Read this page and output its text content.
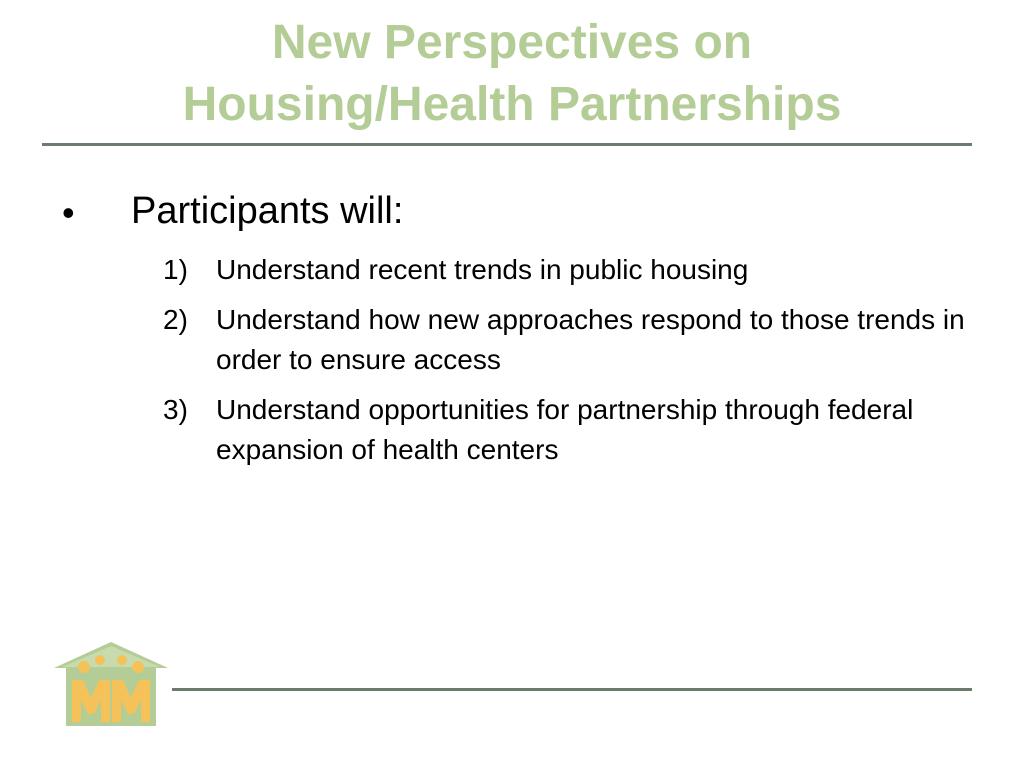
New Perspectives on
Housing/Health Partnerships
• Participants will:
1)	Understand recent trends in public housing
2)	Understand how new approaches respond to those trends in order to ensure access
3)	Understand opportunities for partnership through federal expansion of health centers
